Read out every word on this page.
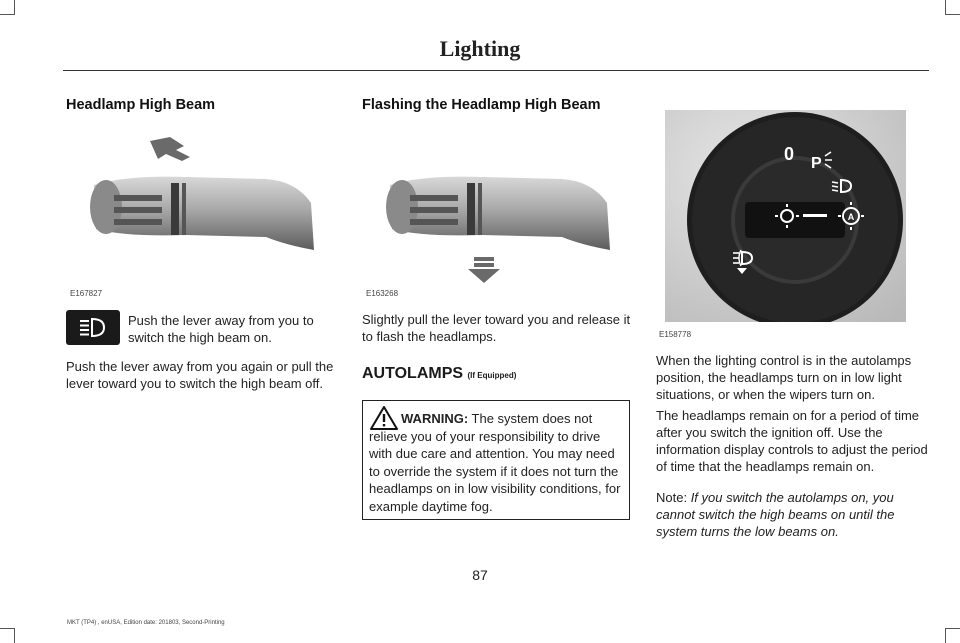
Lighting
Headlamp High Beam
E167827

Push the lever away from you to switch the high beam on.

Push the lever away from you again or pull the lever toward you to switch the high beam off.

Flashing the Headlamp High Beam
E163268

Slightly pull the lever toward you and release it to flash the headlamps.

AUTOLAMPS (If Equipped)

WARNING: The system does not relieve you of your responsibility to drive with due care and attention. You may need to override the system if it does not turn the headlamps on in low visibility conditions, for example daytime fog.

0 P
A
E158778

When the lighting control is in the autolamps position, the headlamps turn on in low light situations, or when the wipers turn on.

The headlamps remain on for a period of time after you switch the ignition off. Use the information display controls to adjust the period of time that the headlamps remain on.

Note: If you switch the autolamps on, you cannot switch the high beams on until the system turns the low beams on.

87
MKT (TP4) , enUSA, Edition date: 201803, Second-Printing
